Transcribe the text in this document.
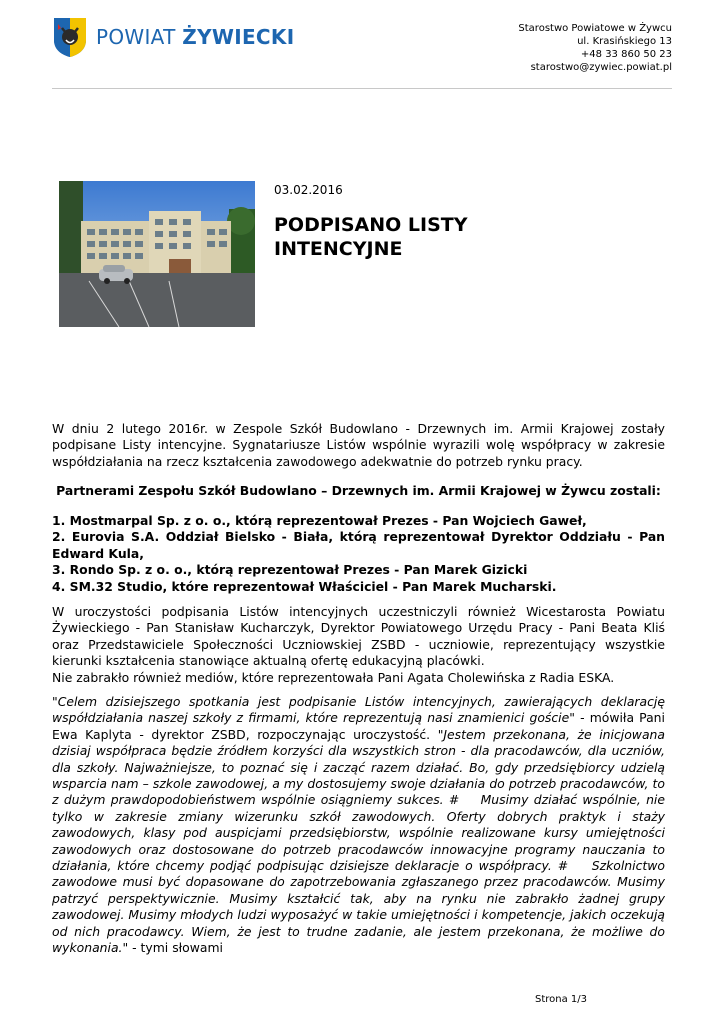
POWIAT ŻYWIECKI	Starostwo Powiatowe w Żywcu
ul. Krasińskiego 13
+48 33 860 50 23
starostwo@zywiec.powiat.pl
03.02.2016
PODPISANO LISTY
INTENCYJNE
W dniu 2 lutego 2016r. w Zespole Szkół Budowlano - Drzewnych im. Armii Krajowej zostały podpisane Listy intencyjne. Sygnatariusze Listów wspólnie wyrazili wolę współpracy w zakresie współdziałania na rzecz kształcenia zawodowego adekwatnie do potrzeb rynku pracy.
Partnerami Zespołu Szkół Budowlano – Drzewnych im. Armii Krajowej w Żywcu zostali:

1. Mostmarpal Sp. z o. o., którą reprezentował Prezes - Pan Wojciech Gaweł,

2. Eurovia S.A. Oddział Bielsko - Biała, którą reprezentował Dyrektor Oddziału - Pan Edward Kula,

3. Rondo Sp. z o. o., którą reprezentował Prezes - Pan Marek Gizicki

4. SM.32 Studio, które reprezentował Właściciel - Pan Marek Mucharski.

W uroczystości podpisania Listów intencyjnych uczestniczyli również Wicestarosta Powiatu Żywieckiego - Pan Stanisław Kucharczyk, Dyrektor Powiatowego Urzędu Pracy - Pani Beata Kliś oraz Przedstawiciele Społeczności Uczniowskiej ZSBD - uczniowie, reprezentujący wszystkie kierunki kształcenia stanowiące aktualną ofertę edukacyjną placówki.

Nie zabrakło również mediów, które reprezentowała Pani Agata Cholewińska z Radia ESKA.

"Celem dzisiejszego spotkania jest podpisanie Listów intencyjnych, zawierających deklarację współdziałania naszej szkoły z firmami, które reprezentują nasi znamienici goście" - mówiła Pani Ewa Kaplyta - dyrektor ZSBD, rozpoczynając uroczystość. "Jestem przekonana, że inicjowana dzisiaj współpraca będzie źródłem korzyści dla wszystkich stron - dla pracodawców, dla uczniów, dla szkoły. Najważniejsze, to poznać się i zacząć razem działać. Bo, gdy przedsiębiorcy udzielą wsparcia nam – szkole zawodowej, a my dostosujemy swoje działania do potrzeb pracodawców, to z dużym prawdopodobieństwem wspólnie osiągniemy sukces. # ￼ ￼￼￼ ￼￼ Musimy działać wspólnie, nie tylko w zakresie zmiany wizerunku szkół zawodowych. Oferty dobrych praktyk i staży zawodowych, klasy pod auspicjami przedsiębiorstw, wspólnie realizowane kursy umiejętności zawodowych oraz dostosowane do potrzeb pracodawców innowacyjne programy nauczania to działania, które chcemy podjąć podpisując dzisiejsze deklaracje o współpracy. # ￼ ￼￼￼ ￼￼ Szkolnictwo zawodowe musi być dopasowane do zapotrzebowania zgłaszanego przez pracodawców. Musimy patrzyć perspektywicznie. Musimy kształcić tak, aby na rynku nie zabrakło żadnej grupy zawodowej. Musimy młodych ludzi wyposażyć w takie umiejętności i kompetencje, jakich oczekują od nich pracodawcy. Wiem, że jest to trudne zadanie, ale jestem przekonana, że możliwe do wykonania." - tymi słowami
Strona 1/3
